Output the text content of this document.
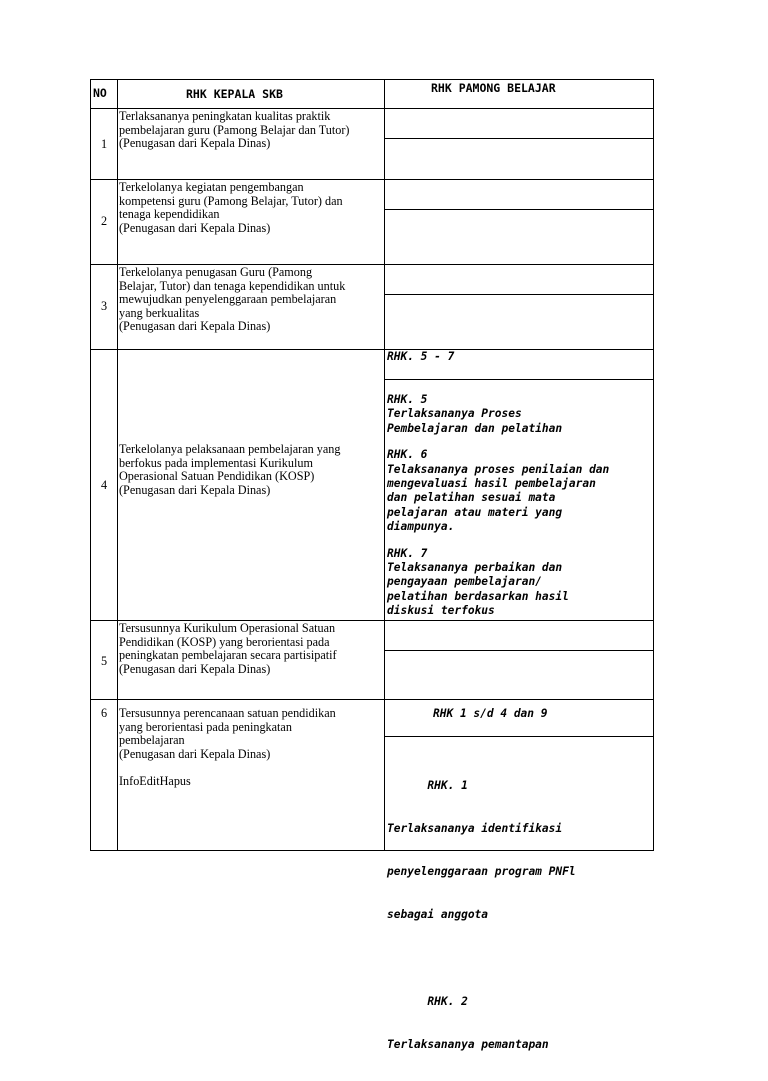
NO	RHK KEPALA SKB	RHK PAMONG BELAJAR
1
Terlaksananya peningkatan kualitas praktik
pembelajaran guru (Pamong Belajar dan Tutor)
(Penugasan dari Kepala Dinas)
2
Terkelolanya kegiatan pengembangan
kompetensi guru (Pamong Belajar, Tutor) dan
tenaga kependidikan
(Penugasan dari Kepala Dinas)
3
Terkelolanya penugasan Guru (Pamong
Belajar, Tutor) dan tenaga kependidikan untuk
mewujudkan penyelenggaraan pembelajaran
yang berkualitas
(Penugasan dari Kepala Dinas)
4
Terkelolanya pelaksanaan pembelajaran yang
berfokus pada implementasi Kurikulum
Operasional Satuan Pendidikan (KOSP)
(Penugasan dari Kepala Dinas)
RHK. 5 - 7
RHK. 5
Terlaksananya Proses
Pembelajaran dan pelatihan
RHK. 6
Telaksananya proses penilaian dan
mengevaluasi hasil pembelajaran
dan pelatihan sesuai mata
pelajaran atau materi yang
diampunya.
RHK. 7
Telaksananya perbaikan dan
pengayaan pembelajaran/
pelatihan berdasarkan hasil
diskusi terfokus
5
Tersusunnya Kurikulum Operasional Satuan
Pendidikan (KOSP) yang berorientasi pada
peningkatan pembelajaran secara partisipatif
(Penugasan dari Kepala Dinas)
6 Tersusunnya perencanaan satuan pendidikan
yang berorientasi pada peningkatan
pembelajaran
(Penugasan dari Kepala Dinas)
InfoEditHapus
RHK 1 s/d 4 dan 9

RHK. 1

Terlaksananya identifikasi

penyelenggaraan program PNFl

sebagai anggota

RHK. 2

Terlaksananya pemantapan
